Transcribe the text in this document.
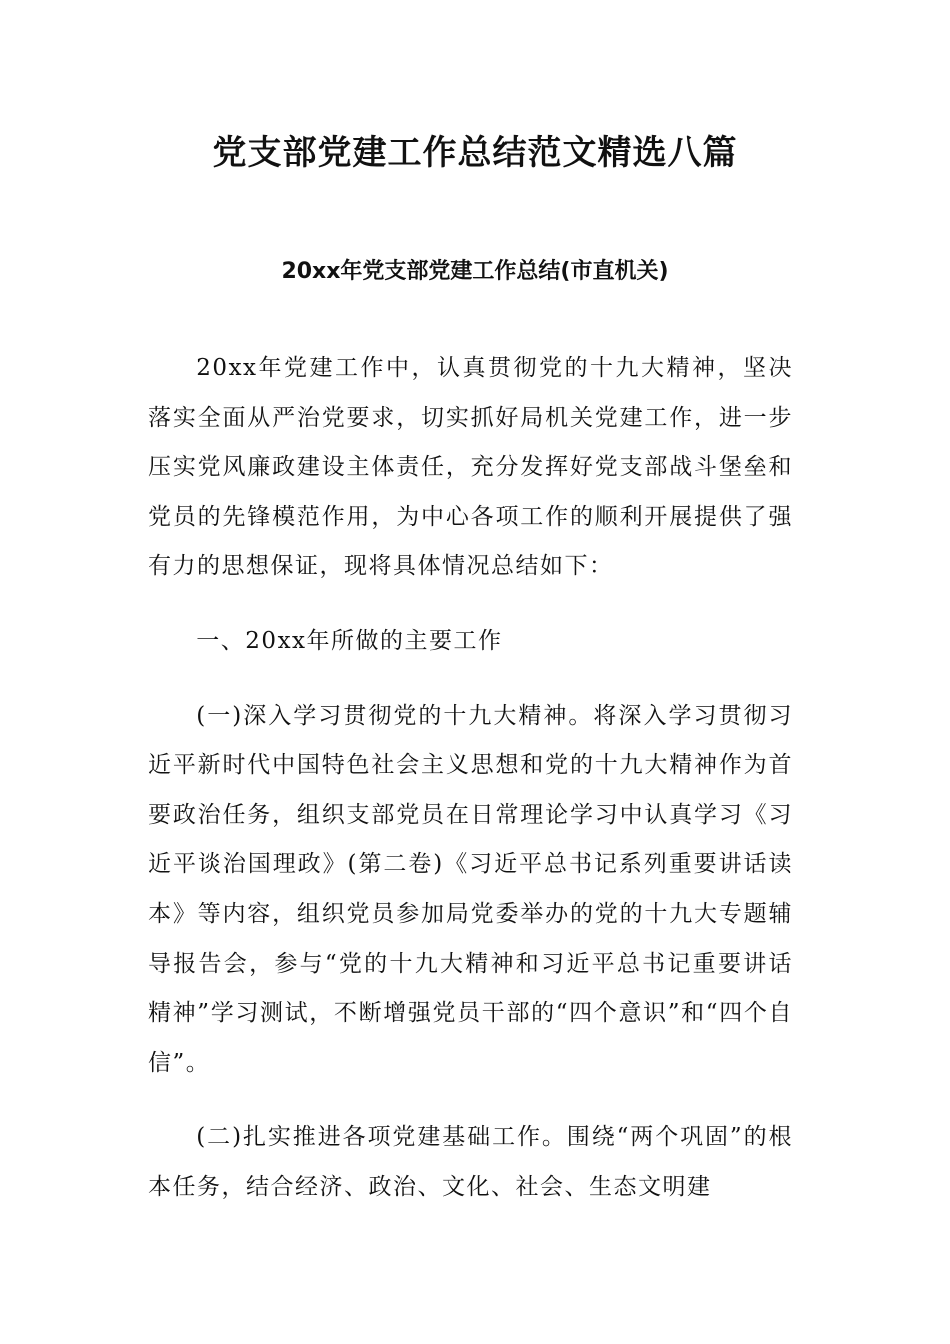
党支部党建工作总结范文精选八篇
20xx年党支部党建工作总结(市直机关)

20xx年党建工作中，认真贯彻党的十九大精神，坚决落实全面从严治党要求，切实抓好局机关党建工作，进一步压实党风廉政建设主体责任，充分发挥好党支部战斗堡垒和党员的先锋模范作用，为中心各项工作的顺利开展提供了强有力的思想保证，现将具体情况总结如下：

一、20xx年所做的主要工作

(一)深入学习贯彻党的十九大精神。将深入学习贯彻习近平新时代中国特色社会主义思想和党的十九大精神作为首要政治任务，组织支部党员在日常理论学习中认真学习《习近平谈治国理政》(第二卷)《习近平总书记系列重要讲话读本》等内容，组织党员参加局党委举办的党的十九大专题辅导报告会，参与“党的十九大精神和习近平总书记重要讲话精神”学习测试，不断增强党员干部的“四个意识”和“四个自信”。

(二)扎实推进各项党建基础工作。围绕“两个巩固”的根本任务，结合经济、政治、文化、社会、生态文明建
